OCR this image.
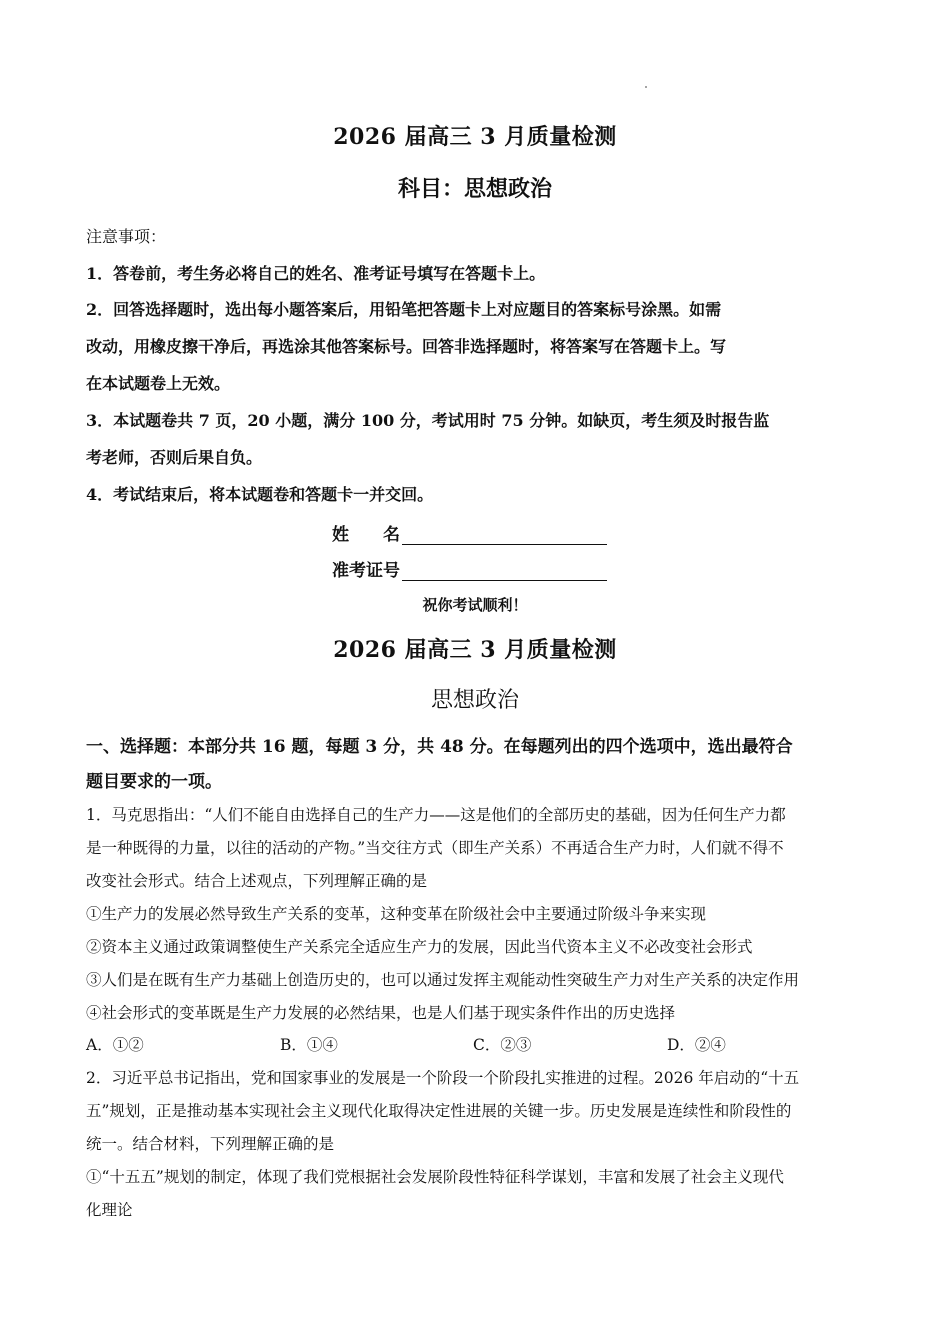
2026 届高三 3 月质量检测
科目：思想政治
注意事项：
1．答卷前，考生务必将自己的姓名、准考证号填写在答题卡上。
2．回答选择题时，选出每小题答案后，用铅笔把答题卡上对应题目的答案标号涂黑。如需
改动，用橡皮擦干净后，再选涂其他答案标号。回答非选择题时，将答案写在答题卡上。写
在本试题卷上无效。
3．本试题卷共 7 页，20 小题，满分 100 分，考试用时 75 分钟。如缺页，考生须及时报告监
考老师，否则后果自负。
4．考试结束后，将本试题卷和答题卡一并交回。
姓　　名
准考证号
祝你考试顺利！
2026 届高三 3 月质量检测
思想政治
一、选择题：本部分共 16 题，每题 3 分，共 48 分。在每题列出的四个选项中，选出最符合
题目要求的一项。
1．马克思指出：“人们不能自由选择自己的生产力——这是他们的全部历史的基础，因为任何生产力都
是一种既得的力量，以往的活动的产物。”当交往方式（即生产关系）不再适合生产力时，人们就不得不
改变社会形式。结合上述观点，下列理解正确的是
①生产力的发展必然导致生产关系的变革，这种变革在阶级社会中主要通过阶级斗争来实现
②资本主义通过政策调整使生产关系完全适应生产力的发展，因此当代资本主义不必改变社会形式
③人们是在既有生产力基础上创造历史的，也可以通过发挥主观能动性突破生产力对生产关系的决定作用
④社会形式的变革既是生产力发展的必然结果，也是人们基于现实条件作出的历史选择
A．①②	B．①④	C．②③	D．②④
2．习近平总书记指出，党和国家事业的发展是一个阶段一个阶段扎实推进的过程。2026 年启动的“十五
五”规划，正是推动基本实现社会主义现代化取得决定性进展的关键一步。历史发展是连续性和阶段性的
统一。结合材料，下列理解正确的是
①“十五五”规划的制定，体现了我们党根据社会发展阶段性特征科学谋划，丰富和发展了社会主义现代
化理论
